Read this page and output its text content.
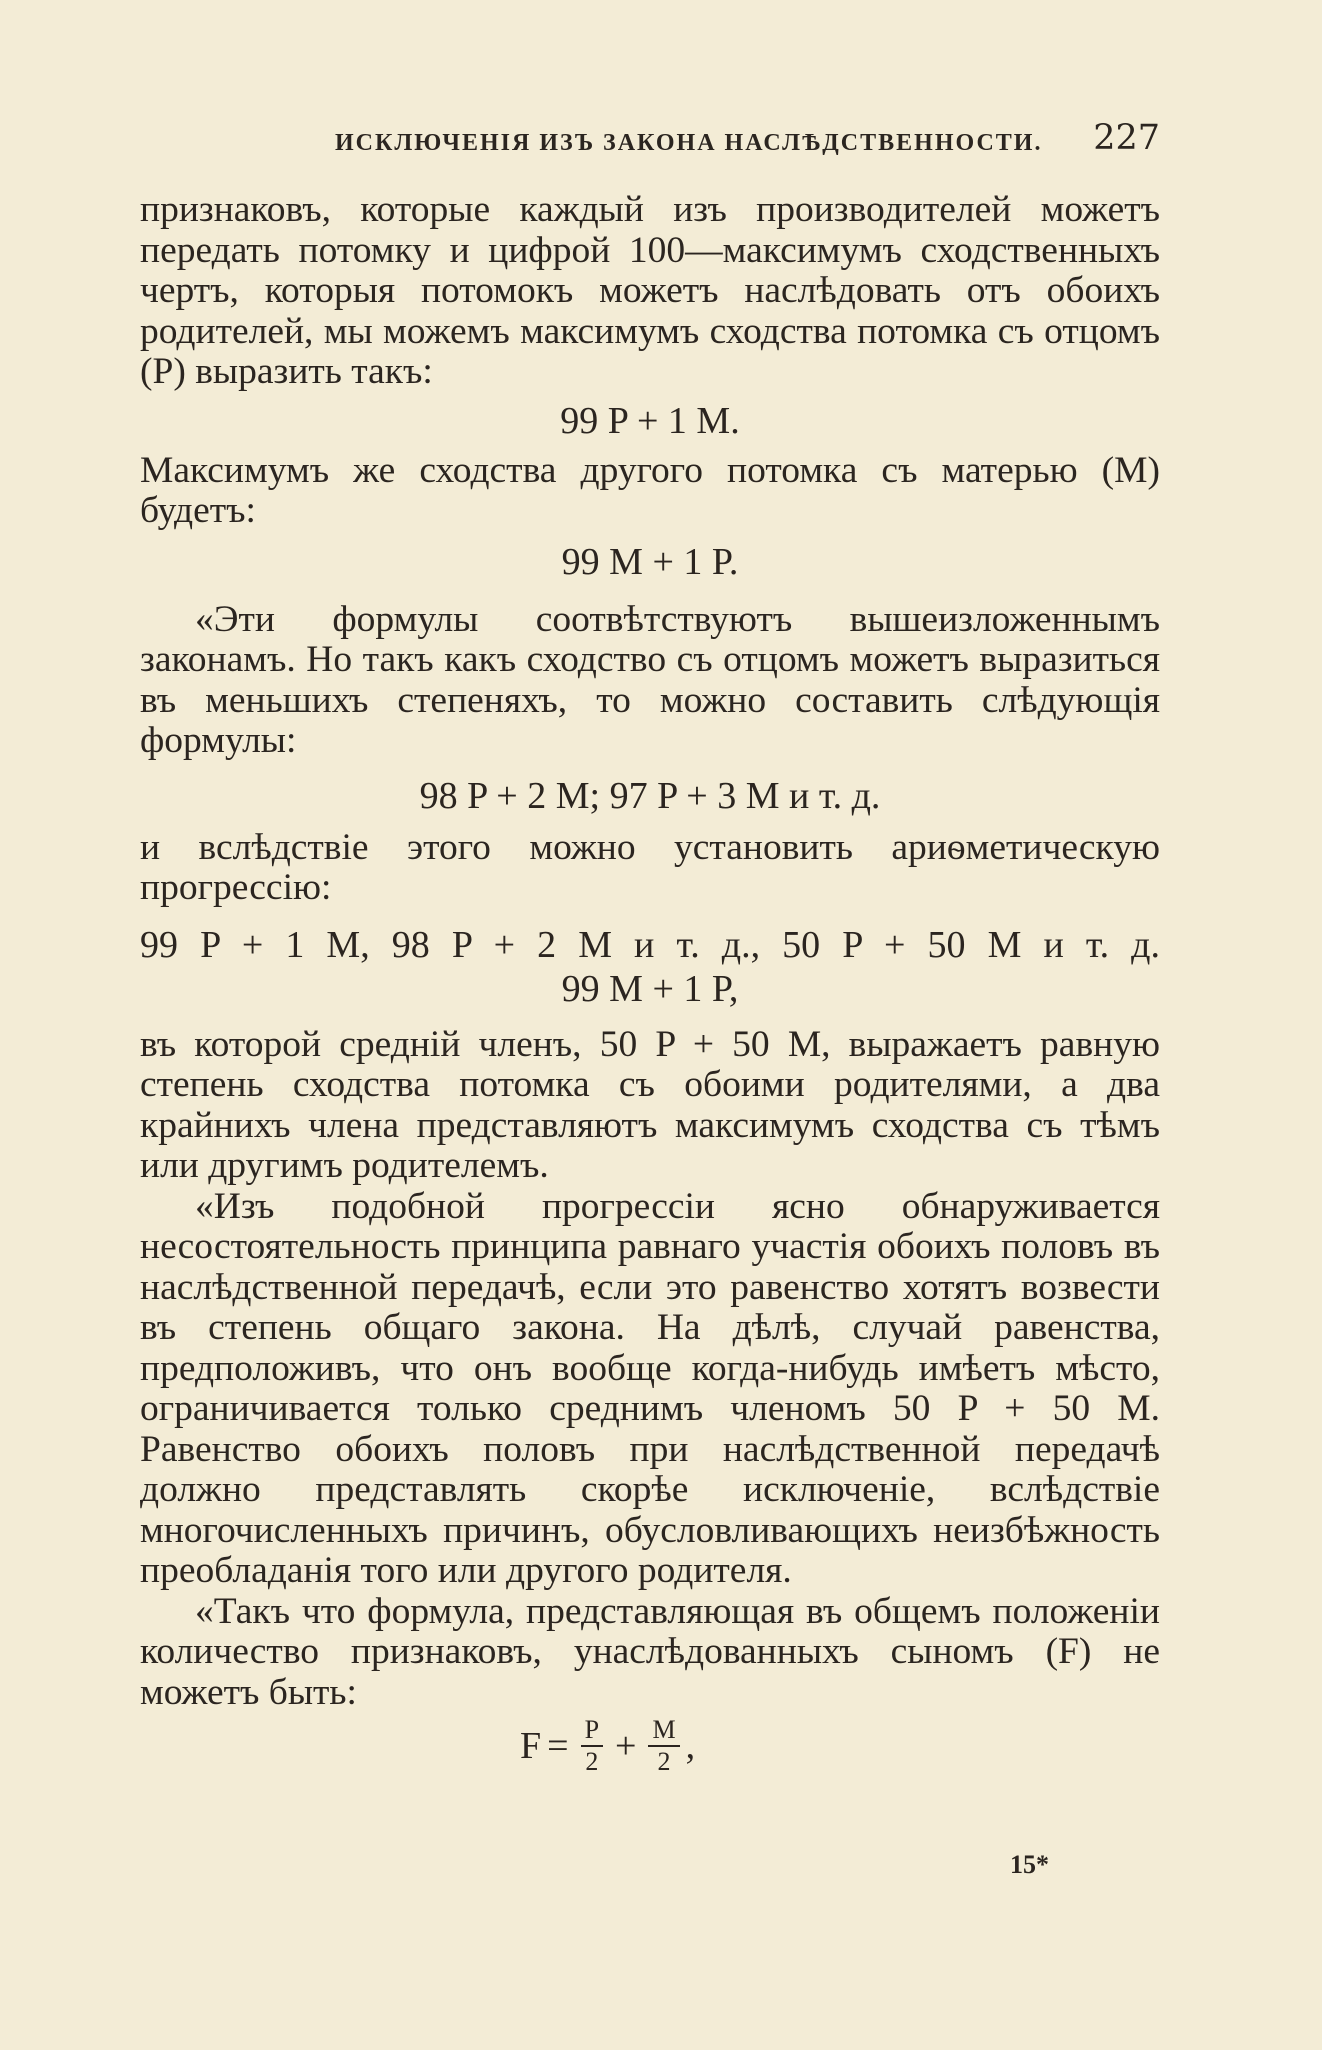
ИСКЛЮЧЕНІЯ ИЗЪ ЗАКОНА НАСЛѢДСТВЕННОСТИ. 227

признаковъ, которые каждый изъ производителей можетъ передать потомку и цифрой 100—максимумъ сходственныхъ чертъ, которыя потомокъ можетъ наслѣдовать отъ обоихъ родителей, мы можемъ максимумъ сходства потомка съ отцомъ (P) выразить такъ:

99 P + 1 M.

Максимумъ же сходства другого потомка съ матерью (M) будетъ:

99 M + 1 P.

«Эти формулы соотвѣтствуютъ вышеизложеннымъ законамъ. Но такъ какъ сходство съ отцомъ можетъ выразиться въ меньшихъ степеняхъ, то можно составить слѣдующія формулы:

98 P + 2 M; 97 P + 3 M и т. д.

и вслѣдствіе этого можно установить ариѳметическую прогрессію:

99 P + 1 M, 98 P + 2 M и т. д., 50 P + 50 M и т. д.
99 M + 1 P,

въ которой средній членъ, 50 P + 50 M, выражаетъ равную степень сходства потомка съ обоими родителями, а два крайнихъ члена представляютъ максимумъ сходства съ тѣмъ или другимъ родителемъ.

«Изъ подобной прогрессіи ясно обнаруживается несостоятельность принципа равнаго участія обоихъ половъ въ наслѣдственной передачѣ, если это равенство хотятъ возвести въ степень общаго закона. На дѣлѣ, случай равенства, предположивъ, что онъ вообще когда-нибудь имѣетъ мѣсто, ограничивается только среднимъ членомъ 50 P + 50 M. Равенство обоихъ половъ при наслѣдственной передачѣ должно представлять скорѣе исключеніе, вслѣдствіе многочисленныхъ причинъ, обусловливающихъ неизбѣжность преобладанія того или другого родителя.

«Такъ что формула, представляющая въ общемъ положеніи количество признаковъ, унаслѣдованныхъ сыномъ (F) не можетъ быть:

$F = \frac{P}{2} + \frac{M}{2}$ ,
15*
